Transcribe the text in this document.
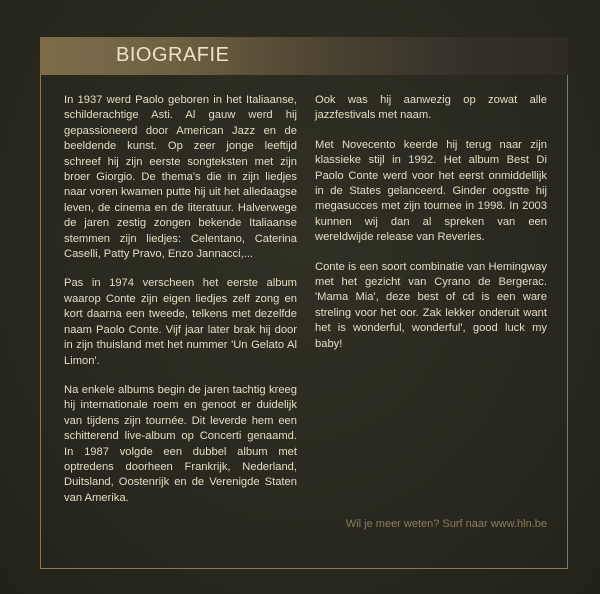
BIOGRAFIE

In 1937 werd Paolo geboren in het Italiaanse, schilderachtige Asti. Al gauw werd hij gepassioneerd door American Jazz en de beeldende kunst. Op zeer jonge leeftijd schreef hij zijn eerste songteksten met zijn broer Giorgio. De thema's die in zijn liedjes naar voren kwamen putte hij uit het alledaagse leven, de cinema en de literatuur. Halverwege de jaren zestig zongen bekende Italiaanse stemmen zijn liedjes: Celentano, Caterina Caselli, Patty Pravo, Enzo Jannacci,...

Pas in 1974 verscheen het eerste album waarop Conte zijn eigen liedjes zelf zong en kort daarna een tweede, telkens met dezelfde naam Paolo Conte. Vijf jaar later brak hij door in zijn thuisland met het nummer 'Un Gelato Al Limon'.

Na enkele albums begin de jaren tachtig kreeg hij internationale roem en genoot er duidelijk van tijdens zijn tournée. Dit leverde hem een schitterend live-album op Concerti genaamd. In 1987 volgde een dubbel album met optredens doorheen Frankrijk, Nederland, Duitsland, Oostenrijk en de Verenigde Staten van Amerika.

Ook was hij aanwezig op zowat alle jazzfestivals met naam.

Met Novecento keerde hij terug naar zijn klassieke stijl in 1992. Het album Best Di Paolo Conte werd voor het eerst onmiddellijk in de States gelanceerd. Ginder oogstte hij megasucces met zijn tournee in 1998. In 2003 kunnen wij dan al spreken van een wereldwijde release van Reveries.

Conte is een soort combinatie van Hemingway met het gezicht van Cyrano de Bergerac. 'Mama Mia', deze best of cd is een ware streling voor het oor. Zak lekker onderuit want het is wonderful, wonderful', good luck my baby!

Wil je meer weten? Surf naar www.hln.be
